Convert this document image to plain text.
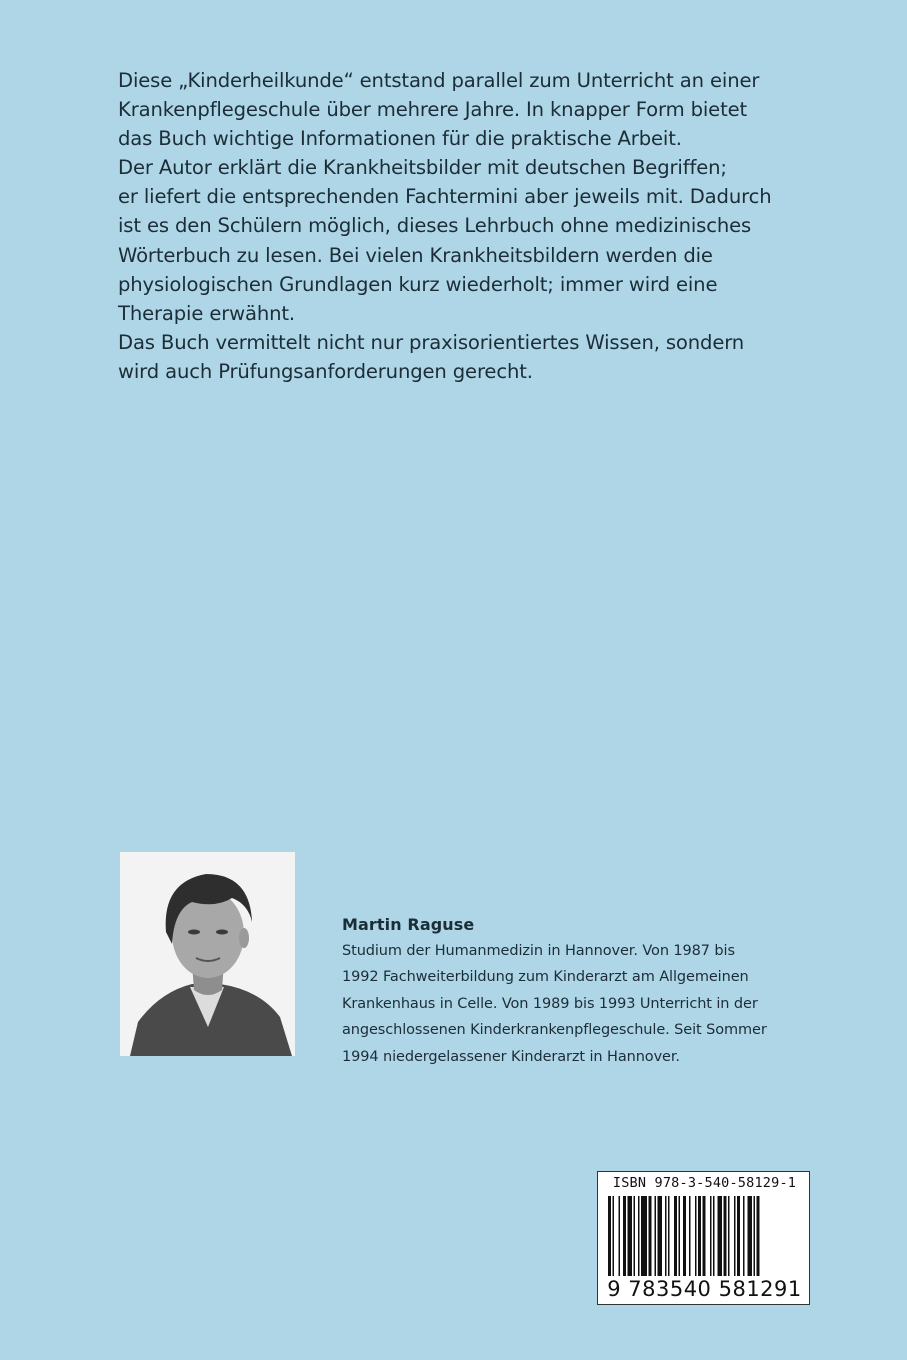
Diese „Kinderheilkunde“ entstand parallel zum Unterricht an einer
Krankenpflegeschule über mehrere Jahre. In knapper Form bietet
das Buch wichtige Informationen für die praktische Arbeit.
Der Autor erklärt die Krankheitsbilder mit deutschen Begriffen;
er liefert die entsprechenden Fachtermini aber jeweils mit. Dadurch
ist es den Schülern möglich, dieses Lehrbuch ohne medizinisches
Wörterbuch zu lesen. Bei vielen Krankheitsbildern werden die
physiologischen Grundlagen kurz wiederholt; immer wird eine
Therapie erwähnt.
Das Buch vermittelt nicht nur praxisorientiertes Wissen, sondern
wird auch Prüfungsanforderungen gerecht.
Martin Raguse
Studium der Humanmedizin in Hannover. Von 1987 bis
1992 Fachweiterbildung zum Kinderarzt am Allgemeinen
Krankenhaus in Celle. Von 1989 bis 1993 Unterricht in der
angeschlossenen Kinderkrankenpflegeschule. Seit Sommer
1994 niedergelassener Kinderarzt in Hannover.
ISBN 978-3-540-58129-1
9 783540 581291
